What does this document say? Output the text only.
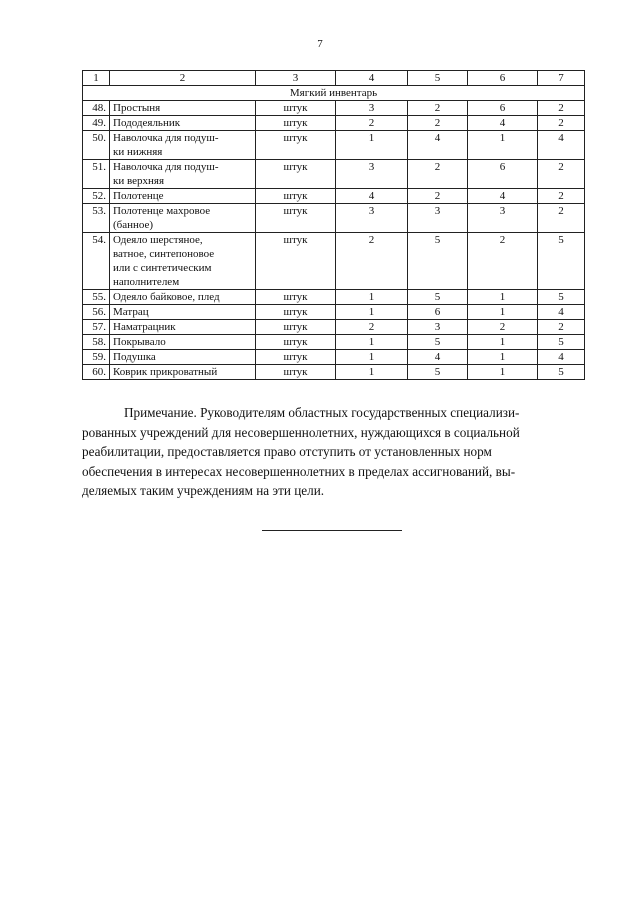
7
1	2	3	4	5	6	7
Мягкий инвентарь						
48.	Простыня	штук	3	2	6	2
49.	Пододеяльник	штук	2	2	4	2
50.	Наволочка для подуш-
ки нижняя	штук	1	4	1	4
51.	Наволочка для подуш-
ки верхняя	штук	3	2	6	2
52.	Полотенце	штук	4	2	4	2
53.	Полотенце махровое
(банное)	штук	3	3	3	2
54.	Одеяло шерстяное,
ватное, синтепоновое
или с синтетическим
наполнителем	штук	2	5	2	5
55.	Одеяло байковое, плед	штук	1	5	1	5
56.	Матрац	штук	1	6	1	4
57.	Наматрацник	штук	2	3	2	2
58.	Покрывало	штук	1	5	1	5
59.	Подушка	штук	1	4	1	4
60.	Коврик прикроватный	штук	1	5	1	5

Примечание. Руководителям областных государственных специализи-
рованных учреждений для несовершеннолетних, нуждающихся в социальной
реабилитации, предоставляется право отступить от установленных норм
обеспечения в интересах несовершеннолетних в пределах ассигнований, вы-
деляемых таким учреждениям на эти цели.
